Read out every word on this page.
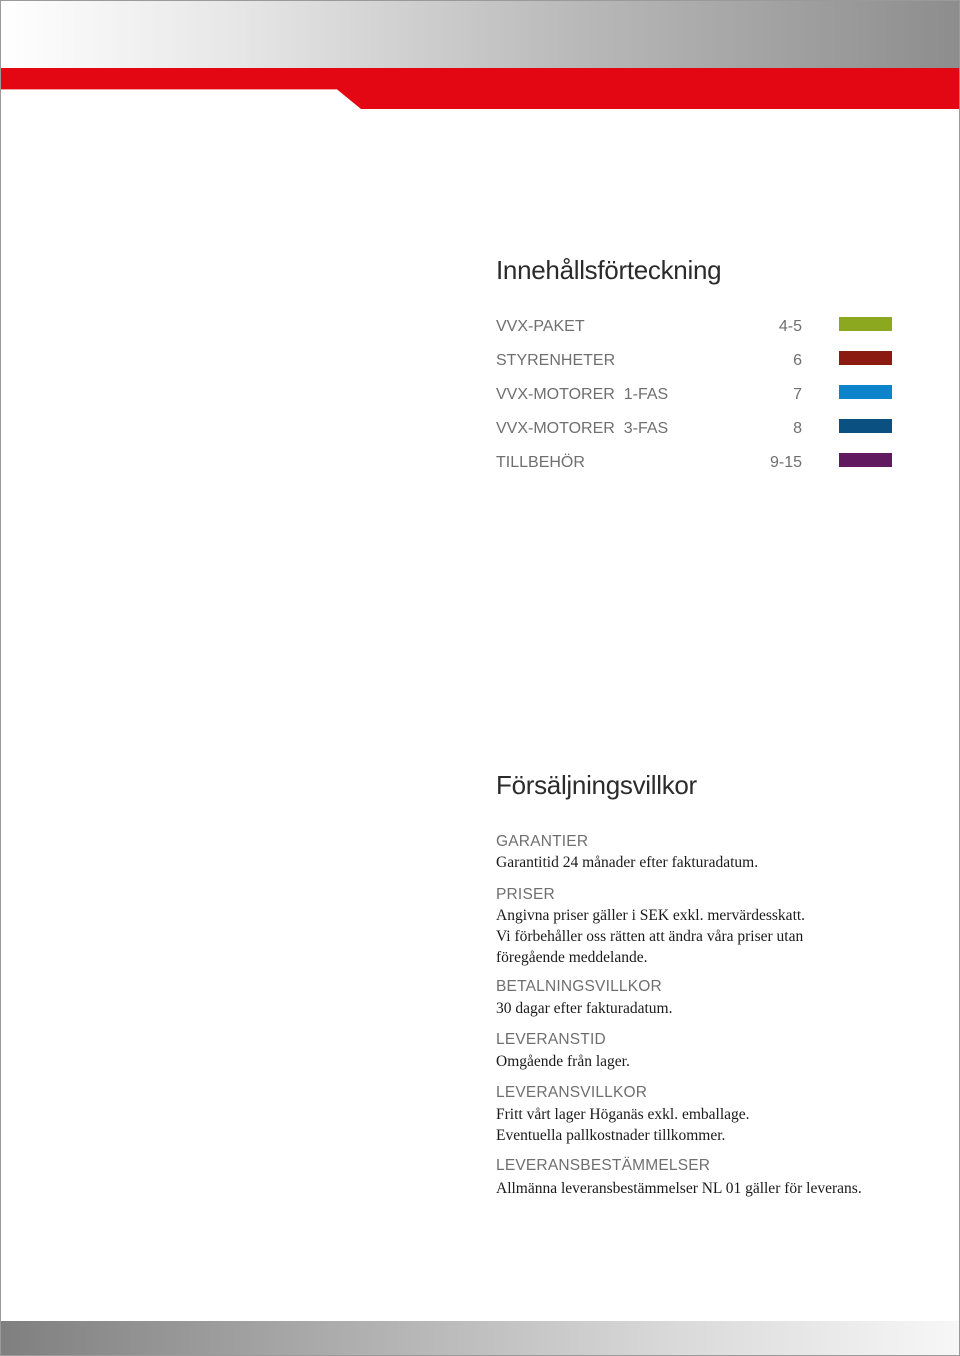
Innehållsförteckning
VVX-PAKET	4-5
STYRENHETER	6
VVX-MOTORER  1-FAS	7
VVX-MOTORER  3-FAS	8
TILLBEHÖR	9-15
Försäljningsvillkor
GARANTIER

Garantitid 24 månader efter fakturadatum.

PRISER

Angivna priser gäller i SEK exkl. mervärdesskatt.

Vi förbehåller oss rätten att ändra våra priser utan

föregående meddelande.

BETALNINGSVILLKOR

30 dagar efter fakturadatum.

LEVERANSTID

Omgående från lager.

LEVERANSVILLKOR

Fritt vårt lager Höganäs exkl. emballage.

Eventuella pallkostnader tillkommer.

LEVERANSBESTÄMMELSER

Allmänna leveransbestämmelser NL 01 gäller för leverans.
